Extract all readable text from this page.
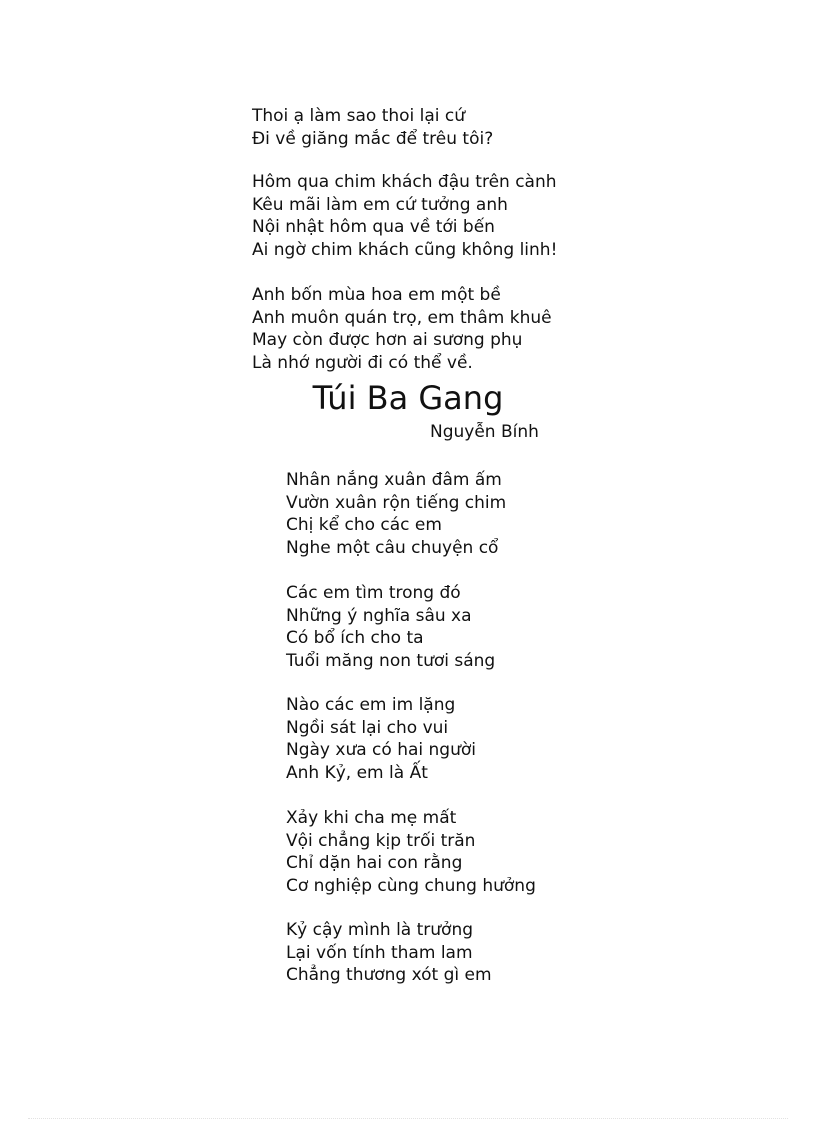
Thoi ạ làm sao thoi lại cứ
Đi về giăng mắc để trêu tôi?
Hôm qua chim khách đậu trên cành
Kêu mãi làm em cứ tưởng anh
Nội nhật hôm qua về tới bến
Ai ngờ chim khách cũng không linh!
Anh bốn mùa hoa em một bề
Anh muôn quán trọ, em thâm khuê
May còn được hơn ai sương phụ
Là nhớ người đi có thể về.
Túi Ba Gang
Nguyễn Bính
Nhân nắng xuân đâm ấm
Vườn xuân rộn tiếng chim
Chị kể cho các em
Nghe một câu chuyện cổ
Các em tìm trong đó
Những ý nghĩa sâu xa
Có bổ ích cho ta
Tuổi măng non tươi sáng
Nào các em im lặng
Ngồi sát lại cho vui
Ngày xưa có hai người
Anh Kỷ, em là Ất
Xảy khi cha mẹ mất
Vội chẳng kịp trối trăn
Chỉ dặn hai con rằng
Cơ nghiệp cùng chung hưởng
Kỷ cậy mình là trưởng
Lại vốn tính tham lam
Chẳng thương xót gì em
